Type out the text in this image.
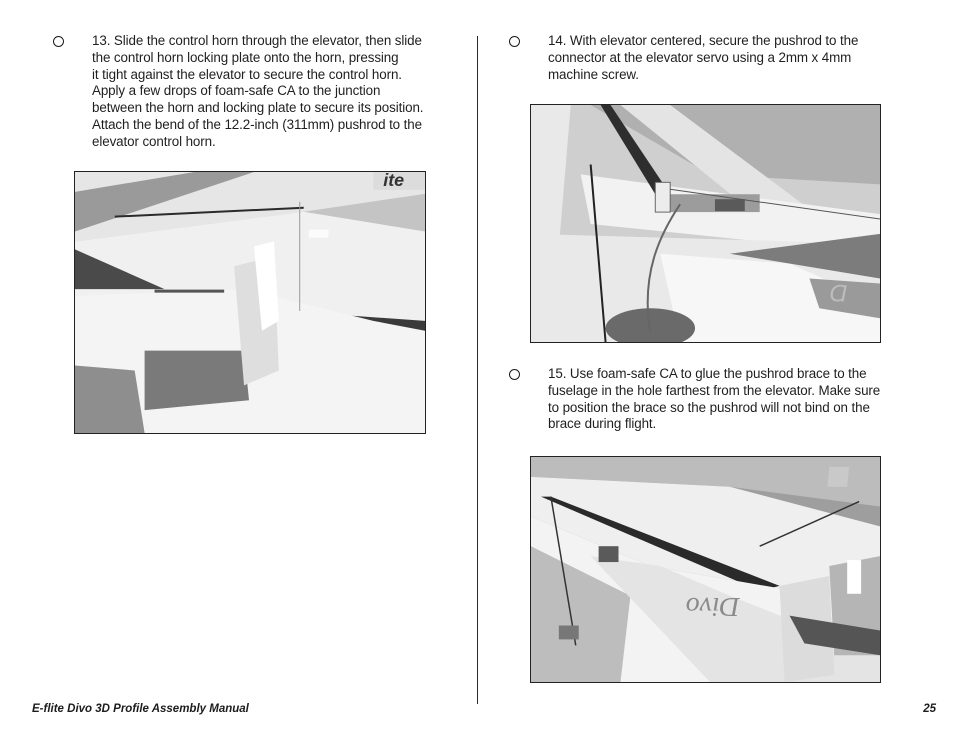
13. Slide the control horn through the elevator, then slide
the control horn locking plate onto the horn, pressing
it tight against the elevator to secure the control horn.
Apply a few drops of foam-safe CA to the junction
between the horn and locking plate to secure its position.
Attach the bend of the 12.2-inch (311mm) pushrod to the
elevator control horn.
ite
14. With elevator centered, secure the pushrod to the
connector at the elevator servo using a 2mm x 4mm
machine screw.
Ɑ
15. Use foam-safe CA to glue the pushrod brace to the
fuselage in the hole farthest from the elevator. Make sure
to position the brace so the pushrod will not bind on the
brace during flight.
Divo
E-flite Divo 3D Profile Assembly Manual	25
